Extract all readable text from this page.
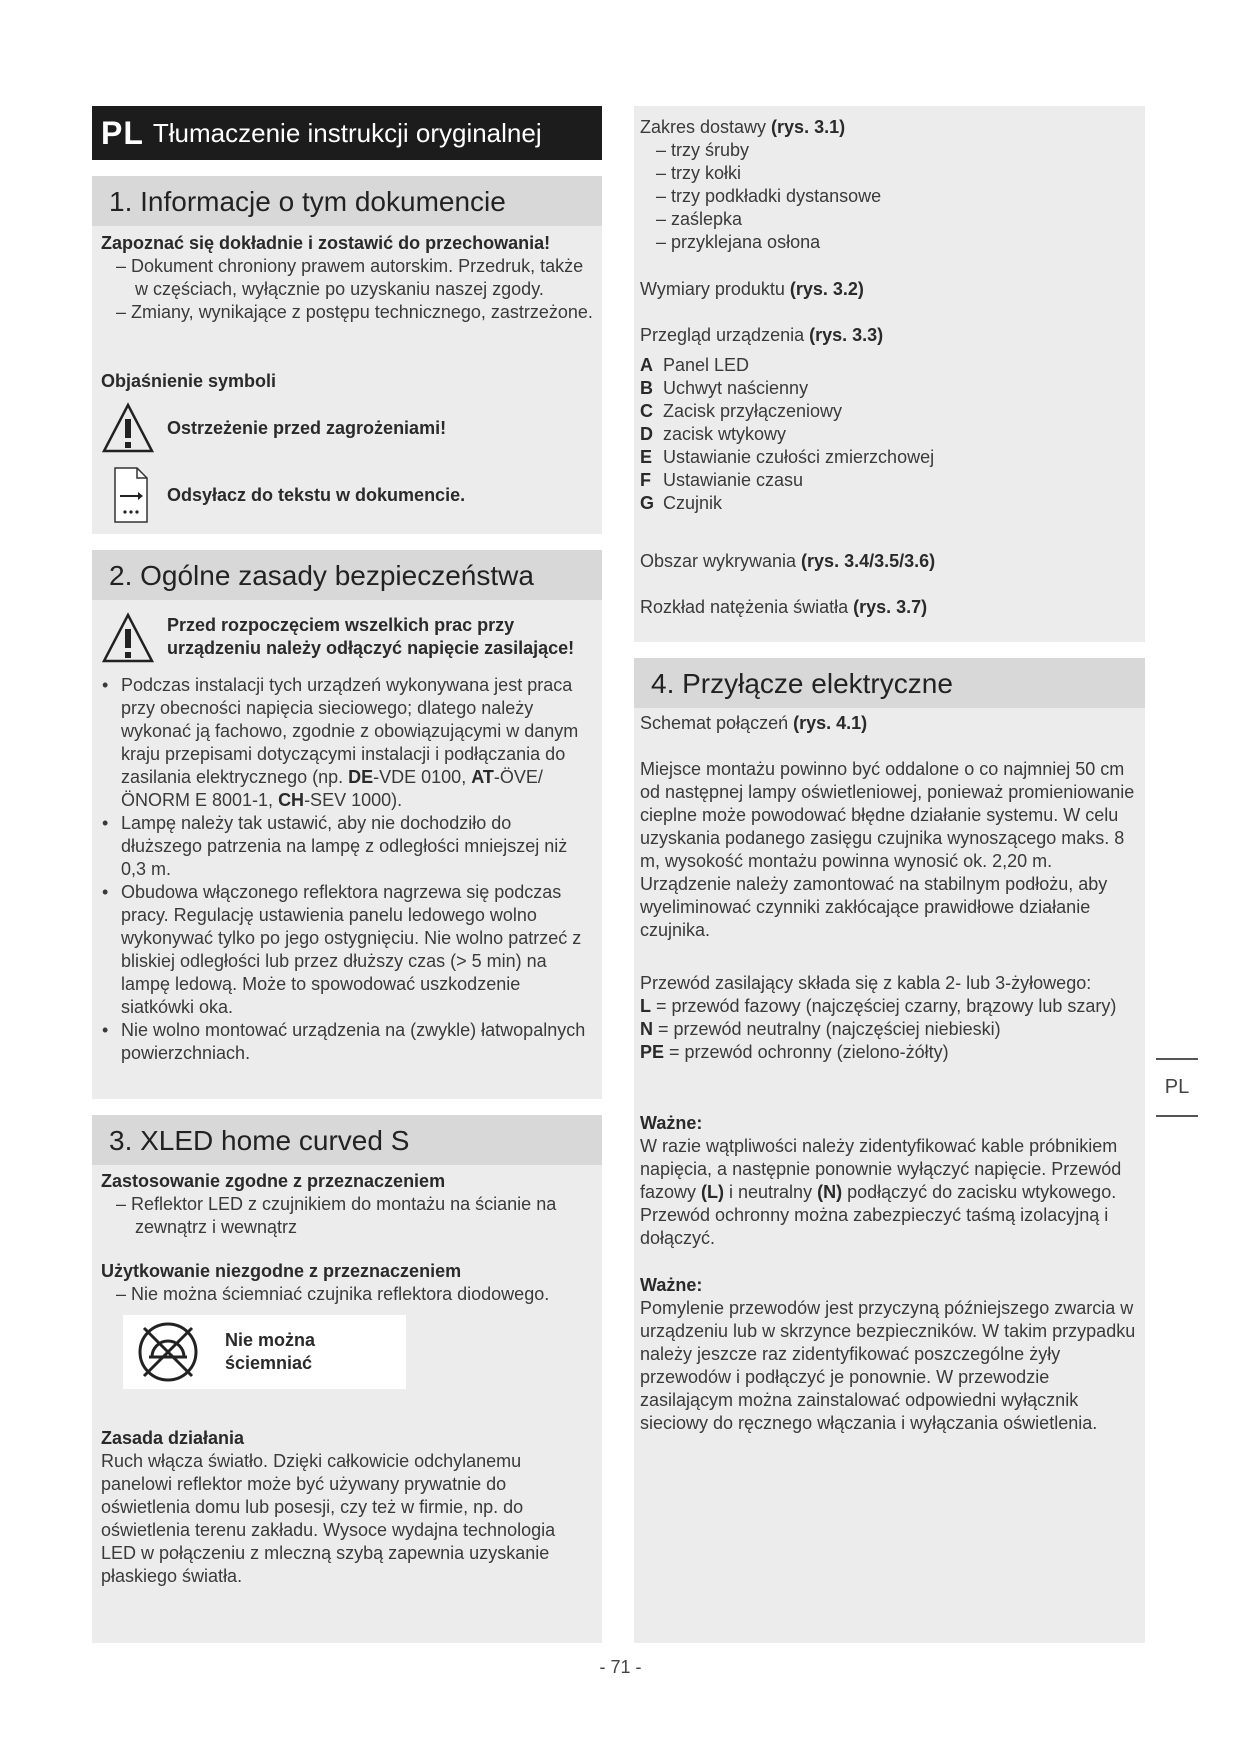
PL Tłumaczenie instrukcji oryginalnej
1. Informacje o tym dokumencie

Zapoznać się dokładnie i zostawić do przechowania!

– Dokument chroniony prawem autorskim. Przedruk, także w częściach, wyłącznie po uzyskaniu naszej zgody.

– Zmiany, wynikające z postępu technicznego, zastrzeżone.

Objaśnienie symboli

Ostrzeżenie przed zagrożeniami!
Odsyłacz do tekstu w dokumencie.
2. Ogólne zasady bezpieczeństwa
Przed rozpoczęciem wszelkich prac przy urządzeniu należy odłączyć napięcie zasilające!
• Podczas instalacji tych urządzeń wykonywana jest praca przy obecności napięcia sieciowego; dlatego należy wykonać ją fachowo, zgodnie z obowiązującymi w danym kraju przepisami dotyczącymi instalacji i podłączania do zasilania elektrycznego (np. DE-VDE 0100, AT-ÖVE/ ÖNORM E 8001-1, CH-SEV 1000).
• Lampę należy tak ustawić, aby nie dochodziło do dłuższego patrzenia na lampę z odległości mniejszej niż 0,3 m.
• Obudowa włączonego reflektora nagrzewa się podczas pracy. Regulację ustawienia panelu ledowego wolno wykonywać tylko po jego ostygnięciu. Nie wolno patrzeć z bliskiej odległości lub przez dłuższy czas (> 5 min) na lampę ledową. Może to spowodować uszkodzenie siatkówki oka.
• Nie wolno montować urządzenia na (zwykle) łatwopalnych powierzchniach.
3. XLED home curved S

Zastosowanie zgodne z przeznaczeniem

– Reflektor LED z czujnikiem do montażu na ścianie na zewnątrz i wewnątrz

Użytkowanie niezgodne z przeznaczeniem

– Nie można ściemniać czujnika reflektora diodowego.

Nie można
ściemniać

Zasada działania

Ruch włącza światło. Dzięki całkowicie odchylanemu panelowi reflektor może być używany prywatnie do oświetlenia domu lub posesji, czy też w firmie, np. do oświetlenia terenu zakładu. Wysoce wydajna technologia LED w połączeniu z mleczną szybą zapewnia uzyskanie płaskiego światła.

Zakres dostawy (rys. 3.1)

– trzy śruby

– trzy kołki

– trzy podkładki dystansowe

– zaślepka

– przyklejana osłona

Wymiary produktu (rys. 3.2)

Przegląd urządzenia (rys. 3.3)

A Panel LED

B Uchwyt naścienny

C Zacisk przyłączeniowy

D zacisk wtykowy

E Ustawianie czułości zmierzchowej

F Ustawianie czasu

G Czujnik

Obszar wykrywania (rys. 3.4/3.5/3.6)

Rozkład natężenia światła (rys. 3.7)

4. Przyłącze elektryczne

Schemat połączeń (rys. 4.1)

Miejsce montażu powinno być oddalone o co najmniej 50 cm od następnej lampy oświetleniowej, ponieważ promieniowanie cieplne może powodować błędne działanie systemu. W celu uzyskania podanego zasięgu czujnika wynoszącego maks. 8 m, wysokość montażu powinna wynosić ok. 2,20 m. Urządzenie należy zamontować na stabilnym podłożu, aby wyeliminować czynniki zakłócające prawidłowe działanie czujnika.

Przewód zasilający składa się z kabla 2- lub 3-żyłowego:

L = przewód fazowy (najczęściej czarny, brązowy lub szary)

N = przewód neutralny (najczęściej niebieski)

PE = przewód ochronny (zielono-żółty)

Ważne:

W razie wątpliwości należy zidentyfikować kable próbnikiem napięcia, a następnie ponownie wyłączyć napięcie. Przewód fazowy (L) i neutralny (N) podłączyć do zacisku wtykowego. Przewód ochronny można zabezpieczyć taśmą izolacyjną i dołączyć.

Ważne:

Pomylenie przewodów jest przyczyną późniejszego zwarcia w urządzeniu lub w skrzynce bezpieczników. W takim przypadku należy jeszcze raz zidentyfikować poszczególne żyły przewodów i podłączyć je ponownie. W przewodzie zasilającym można zainstalować odpowiedni wyłącznik sieciowy do ręcznego włączania i wyłączania oświetlenia.

PL
- 71 -
